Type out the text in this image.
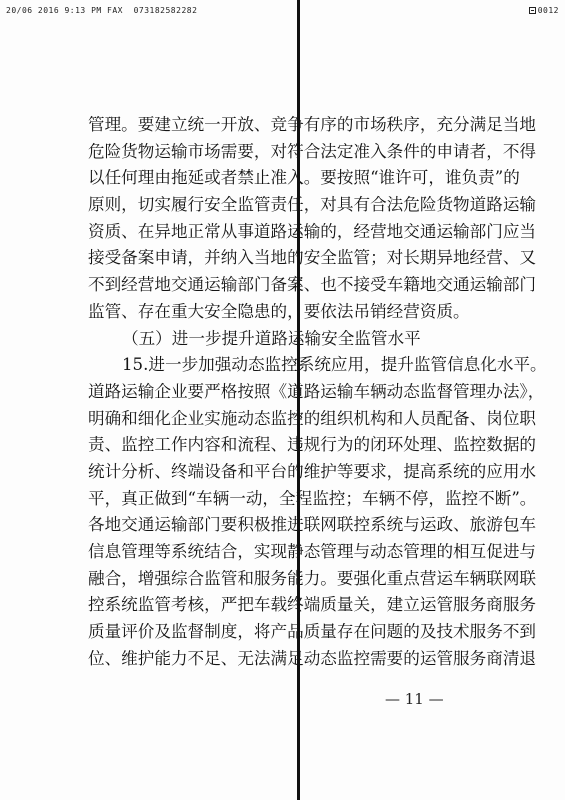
20/06 2016 9:13 PM FAX  073182582282	0012
管理。要建立统一开放、竞争有序的市场秩序，充分满足当地
危险货物运输市场需要，对符合法定准入条件的申请者，不得
以任何理由拖延或者禁止准入。要按照“谁许可，谁负责”的
原则，切实履行安全监管责任，对具有合法危险货物道路运输
资质、在异地正常从事道路运输的，经营地交通运输部门应当
接受备案申请，并纳入当地的安全监管；对长期异地经营、又
不到经营地交通运输部门备案、也不接受车籍地交通运输部门
监管、存在重大安全隐患的，要依法吊销经营资质。
（五）进一步提升道路运输安全监管水平
15.进一步加强动态监控系统应用，提升监管信息化水平。
道路运输企业要严格按照《道路运输车辆动态监督管理办法》，
明确和细化企业实施动态监控的组织机构和人员配备、岗位职
责、监控工作内容和流程、违规行为的闭环处理、监控数据的
统计分析、终端设备和平台的维护等要求，提高系统的应用水
平，真正做到“车辆一动，全程监控；车辆不停，监控不断”。
各地交通运输部门要积极推进联网联控系统与运政、旅游包车
信息管理等系统结合，实现静态管理与动态管理的相互促进与
融合，增强综合监管和服务能力。要强化重点营运车辆联网联
控系统监管考核，严把车载终端质量关，建立运管服务商服务
质量评价及监督制度，将产品质量存在问题的及技术服务不到
位、维护能力不足、无法满足动态监控需要的运管服务商清退
— 11 —
